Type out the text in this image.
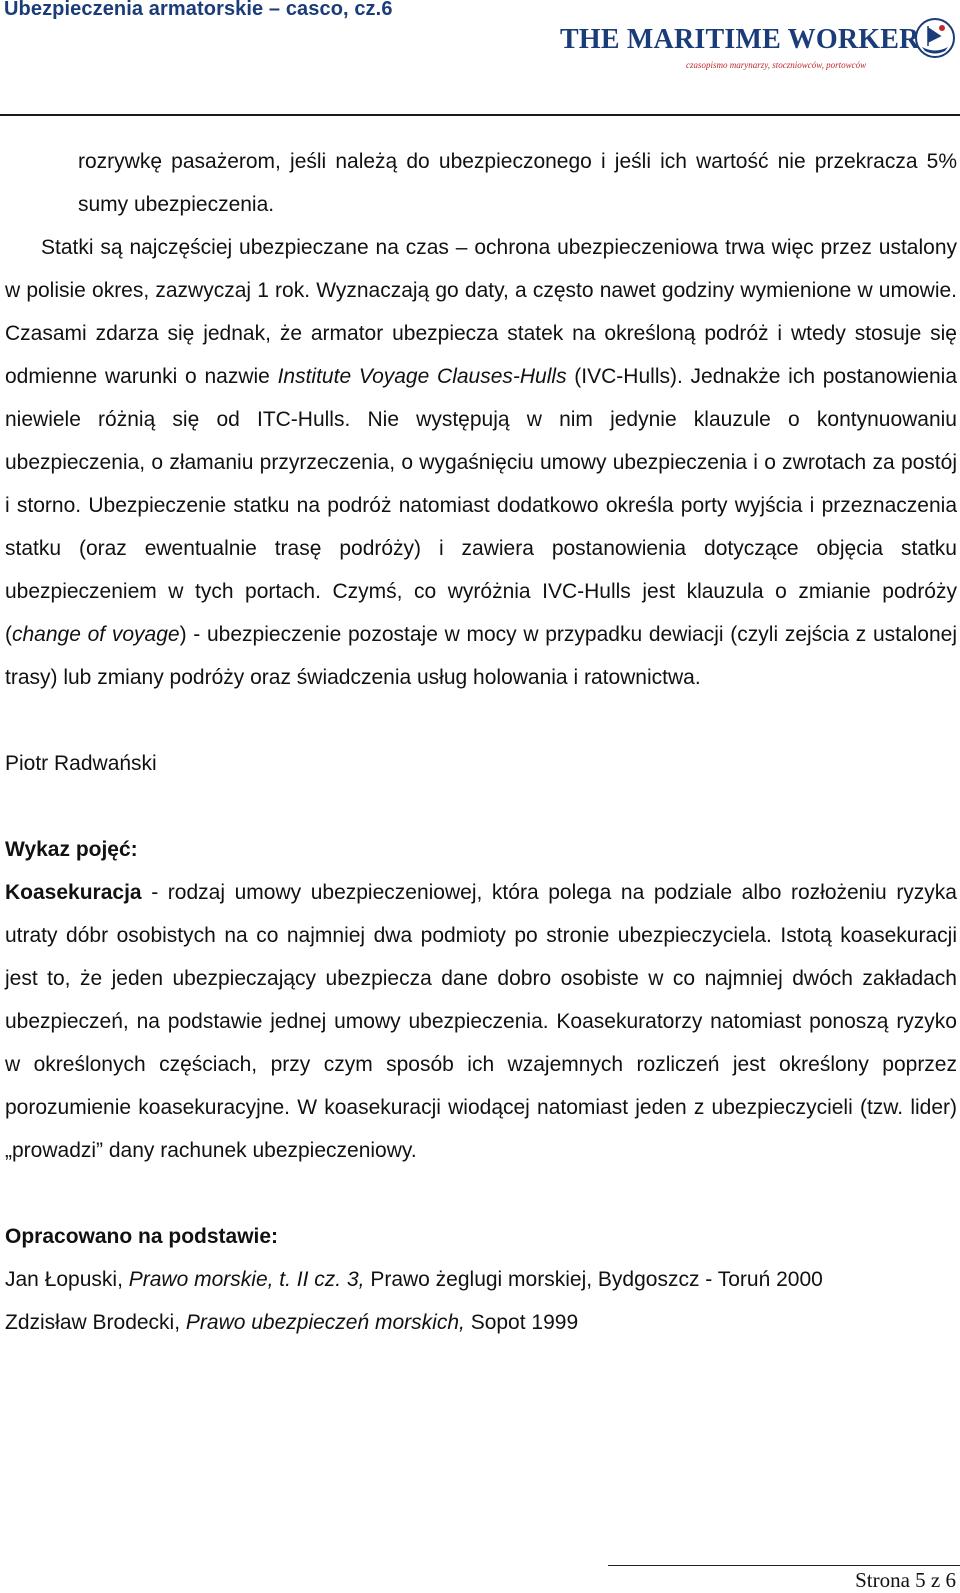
Ubezpieczenia armatorskie – casco, cz.6
THE MARITIME WORKER
czasopismo marynarzy, stoczniowców, portowców

rozrywkę pasażerom, jeśli należą do ubezpieczonego i jeśli ich wartość nie przekracza 5% sumy ubezpieczenia.

Statki są najczęściej ubezpieczane na czas – ochrona ubezpieczeniowa trwa więc przez ustalony w polisie okres, zazwyczaj 1 rok. Wyznaczają go daty, a często nawet godziny wymienione w umowie. Czasami zdarza się jednak, że armator ubezpiecza statek na określoną podróż i wtedy stosuje się odmienne warunki o nazwie Institute Voyage Clauses-Hulls (IVC-Hulls). Jednakże ich postanowienia niewiele różnią się od ITC-Hulls. Nie występują w nim jedynie klauzule o kontynuowaniu ubezpieczenia, o złamaniu przyrzeczenia, o wygaśnięciu umowy ubezpieczenia i o zwrotach za postój i storno. Ubezpieczenie statku na podróż natomiast dodatkowo określa porty wyjścia i przeznaczenia statku (oraz ewentualnie trasę podróży) i zawiera postanowienia dotyczące objęcia statku ubezpieczeniem w tych portach. Czymś, co wyróżnia IVC-Hulls jest klauzula o zmianie podróży (change of voyage) - ubezpieczenie pozostaje w mocy w przypadku dewiacji (czyli zejścia z ustalonej trasy) lub zmiany podróży oraz świadczenia usług holowania i ratownictwa.

Piotr Radwański

Wykaz pojęć:

Koasekuracja - rodzaj umowy ubezpieczeniowej, która polega na podziale albo rozłożeniu ryzyka utraty dóbr osobistych na co najmniej dwa podmioty po stronie ubezpieczyciela. Istotą koasekuracji jest to, że jeden ubezpieczający ubezpiecza dane dobro osobiste w co najmniej dwóch zakładach ubezpieczeń, na podstawie jednej umowy ubezpieczenia. Koasekuratorzy natomiast ponoszą ryzyko w określonych częściach, przy czym sposób ich wzajemnych rozliczeń jest określony poprzez porozumienie koasekuracyjne. W koasekuracji wiodącej natomiast jeden z ubezpieczycieli (tzw. lider) „prowadzi” dany rachunek ubezpieczeniowy.

Opracowano na podstawie:

Jan Łopuski, Prawo morskie, t. II cz. 3, Prawo żeglugi morskiej, Bydgoszcz - Toruń 2000

Zdzisław Brodecki, Prawo ubezpieczeń morskich, Sopot 1999

Strona 5 z 6
